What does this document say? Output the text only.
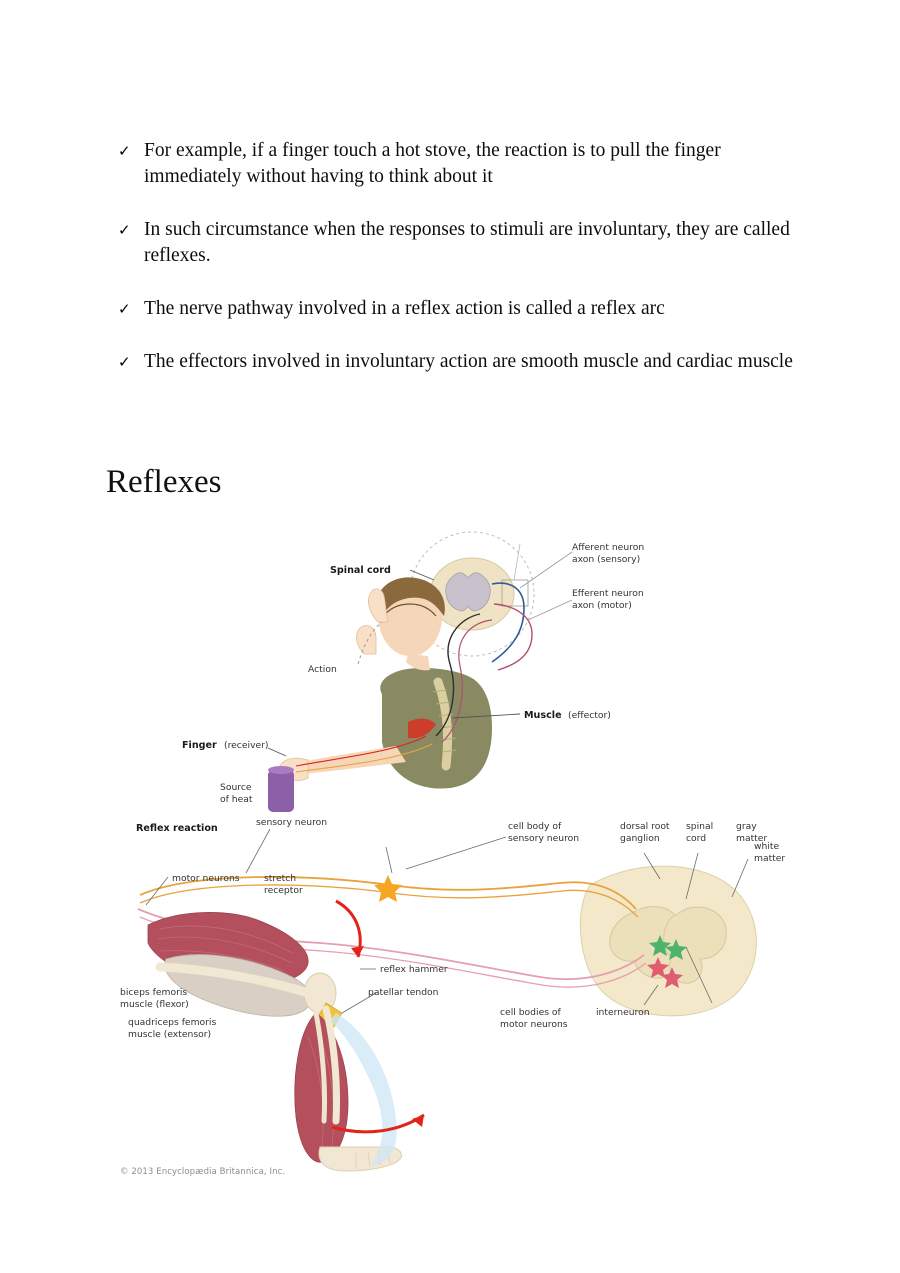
✓ For example, if a finger touch a hot stove, the reaction is to pull the finger immediately without having to think about it
✓ In such circumstance when the responses to stimuli are involuntary, they are called reflexes.
✓ The nerve pathway involved in a reflex action is called a reflex arc
✓ The effectors involved in involuntary action are smooth muscle and cardiac muscle
Reflexes
Spinal cord
Afferent neuron
axon (sensory)
Efferent neuron
axon (motor)
Action
Muscle (effector)
Finger (receiver)
Source
of heat
Reflex reaction	dorsal root
ganglion
spinal
cord
gray
matter
white
matter
cell body of
sensory neuron
sensory neuron
motor neurons	stretch
receptor
reflex hammer
patellar tendon
biceps femoris
muscle (flexor)
quadriceps femoris
muscle (extensor)
cell bodies of
motor neurons
interneuron
© 2013 Encyclopædia Britannica, Inc.
